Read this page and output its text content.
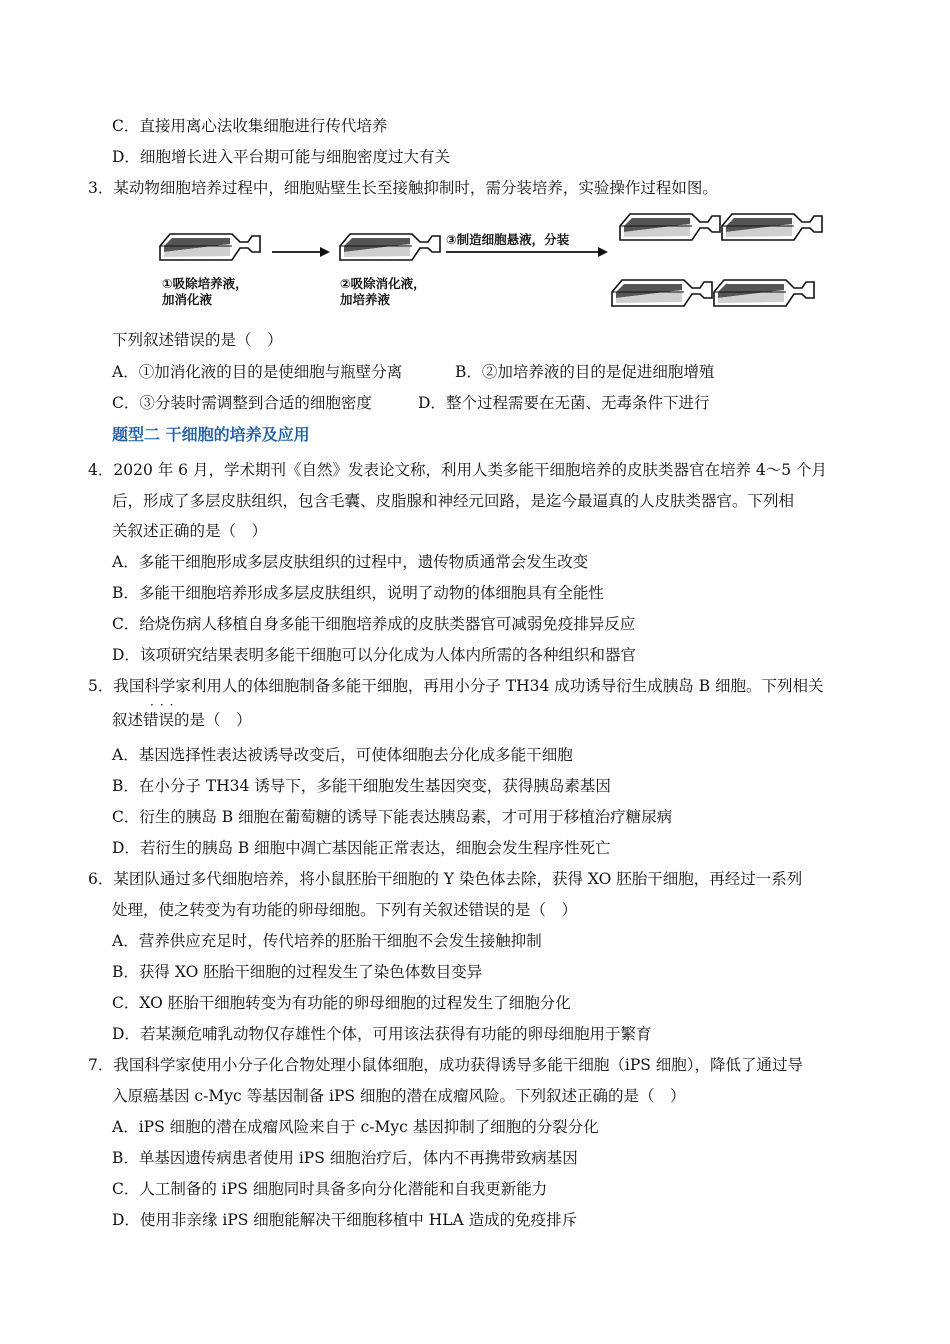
C．直接用离心法收集细胞进行传代培养
D．细胞增长进入平台期可能与细胞密度过大有关
3．某动物细胞培养过程中，细胞贴壁生长至接触抑制时，需分装培养，实验操作过程如图。
①吸除培养液，
加消化液
②吸除消化液，
加培养液
③制造细胞悬液，分装
下列叙述错误的是（　）
A．①加消化液的目的是使细胞与瓶壁分离	B．②加培养液的目的是促进细胞增殖
C．③分装时需调整到合适的细胞密度	D．整个过程需要在无菌、无毒条件下进行
题型二 干细胞的培养及应用
4．2020 年 6 月，学术期刊《自然》发表论文称，利用人类多能干细胞培养的皮肤类器官在培养 4～5 个月
后，形成了多层皮肤组织，包含毛囊、皮脂腺和神经元回路，是迄今最逼真的人皮肤类器官。下列相
关叙述正确的是（　）
A．多能干细胞形成多层皮肤组织的过程中，遗传物质通常会发生改变
B．多能干细胞培养形成多层皮肤组织，说明了动物的体细胞具有全能性
C．给烧伤病人移植自身多能干细胞培养成的皮肤类器官可减弱免疫排异反应
D．该项研究结果表明多能干细胞可以分化成为人体内所需的各种组织和器官
5．我国科学家利用人的体细胞制备多能干细胞，再用小分子 TH34 成功诱导衍生成胰岛 B 细胞。下列相关
···
叙述错误的是（　）
A．基因选择性表达被诱导改变后，可使体细胞去分化成多能干细胞
B．在小分子 TH34 诱导下，多能干细胞发生基因突变，获得胰岛素基因
C．衍生的胰岛 B 细胞在葡萄糖的诱导下能表达胰岛素，才可用于移植治疗糖尿病
D．若衍生的胰岛 B 细胞中凋亡基因能正常表达，细胞会发生程序性死亡
6．某团队通过多代细胞培养，将小鼠胚胎干细胞的 Y 染色体去除，获得 XO 胚胎干细胞，再经过一系列
处理，使之转变为有功能的卵母细胞。下列有关叙述错误的是（　）
A．营养供应充足时，传代培养的胚胎干细胞不会发生接触抑制
B．获得 XO 胚胎干细胞的过程发生了染色体数目变异
C．XO 胚胎干细胞转变为有功能的卵母细胞的过程发生了细胞分化
D．若某濒危哺乳动物仅存雄性个体，可用该法获得有功能的卵母细胞用于繁育
7．我国科学家使用小分子化合物处理小鼠体细胞，成功获得诱导多能干细胞（iPS 细胞），降低了通过导
入原癌基因 c-Myc 等基因制备 iPS 细胞的潜在成瘤风险。下列叙述正确的是（　）
A．iPS 细胞的潜在成瘤风险来自于 c-Myc 基因抑制了细胞的分裂分化
B．单基因遗传病患者使用 iPS 细胞治疗后，体内不再携带致病基因
C．人工制备的 iPS 细胞同时具备多向分化潜能和自我更新能力
D．使用非亲缘 iPS 细胞能解决干细胞移植中 HLA 造成的免疫排斥
